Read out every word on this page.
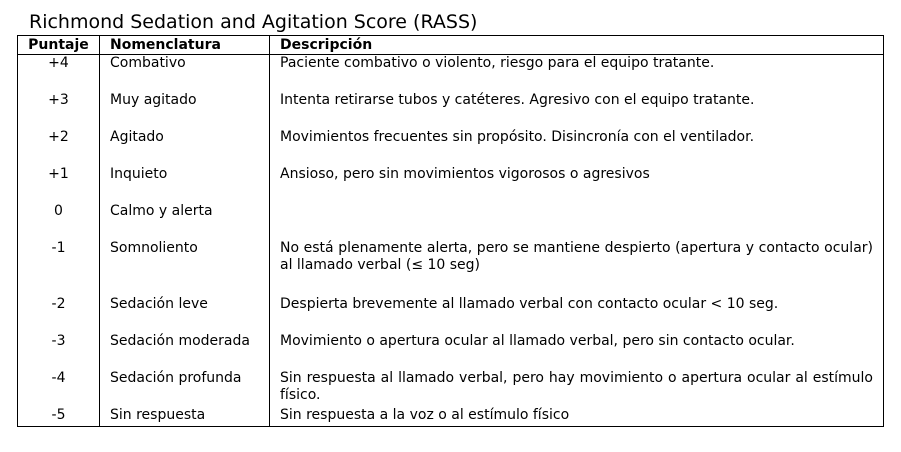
Richmond Sedation and Agitation Score (RASS)
Puntaje	Nomenclatura	Descripción
+4	Combativo	Paciente combativo o violento, riesgo para el equipo tratante.
+3	Muy agitado	Intenta retirarse tubos y catéteres. Agresivo con el equipo tratante.
+2	Agitado	Movimientos frecuentes sin propósito. Disincronía con el ventilador.
+1	Inquieto	Ansioso, pero sin movimientos vigorosos o agresivos
0	Calmo y alerta	
-1	Somnoliento	No está plenamente alerta, pero se mantiene despierto (apertura y contacto ocular) al llamado verbal (≤ 10 seg)
-2	Sedación leve	Despierta brevemente al llamado verbal con contacto ocular < 10 seg.
-3	Sedación moderada	Movimiento o apertura ocular al llamado verbal, pero sin contacto ocular.
-4	Sedación profunda	Sin respuesta al llamado verbal, pero hay movimiento o apertura ocular al estímulo físico.
-5	Sin respuesta	Sin respuesta a la voz o al estímulo físico
